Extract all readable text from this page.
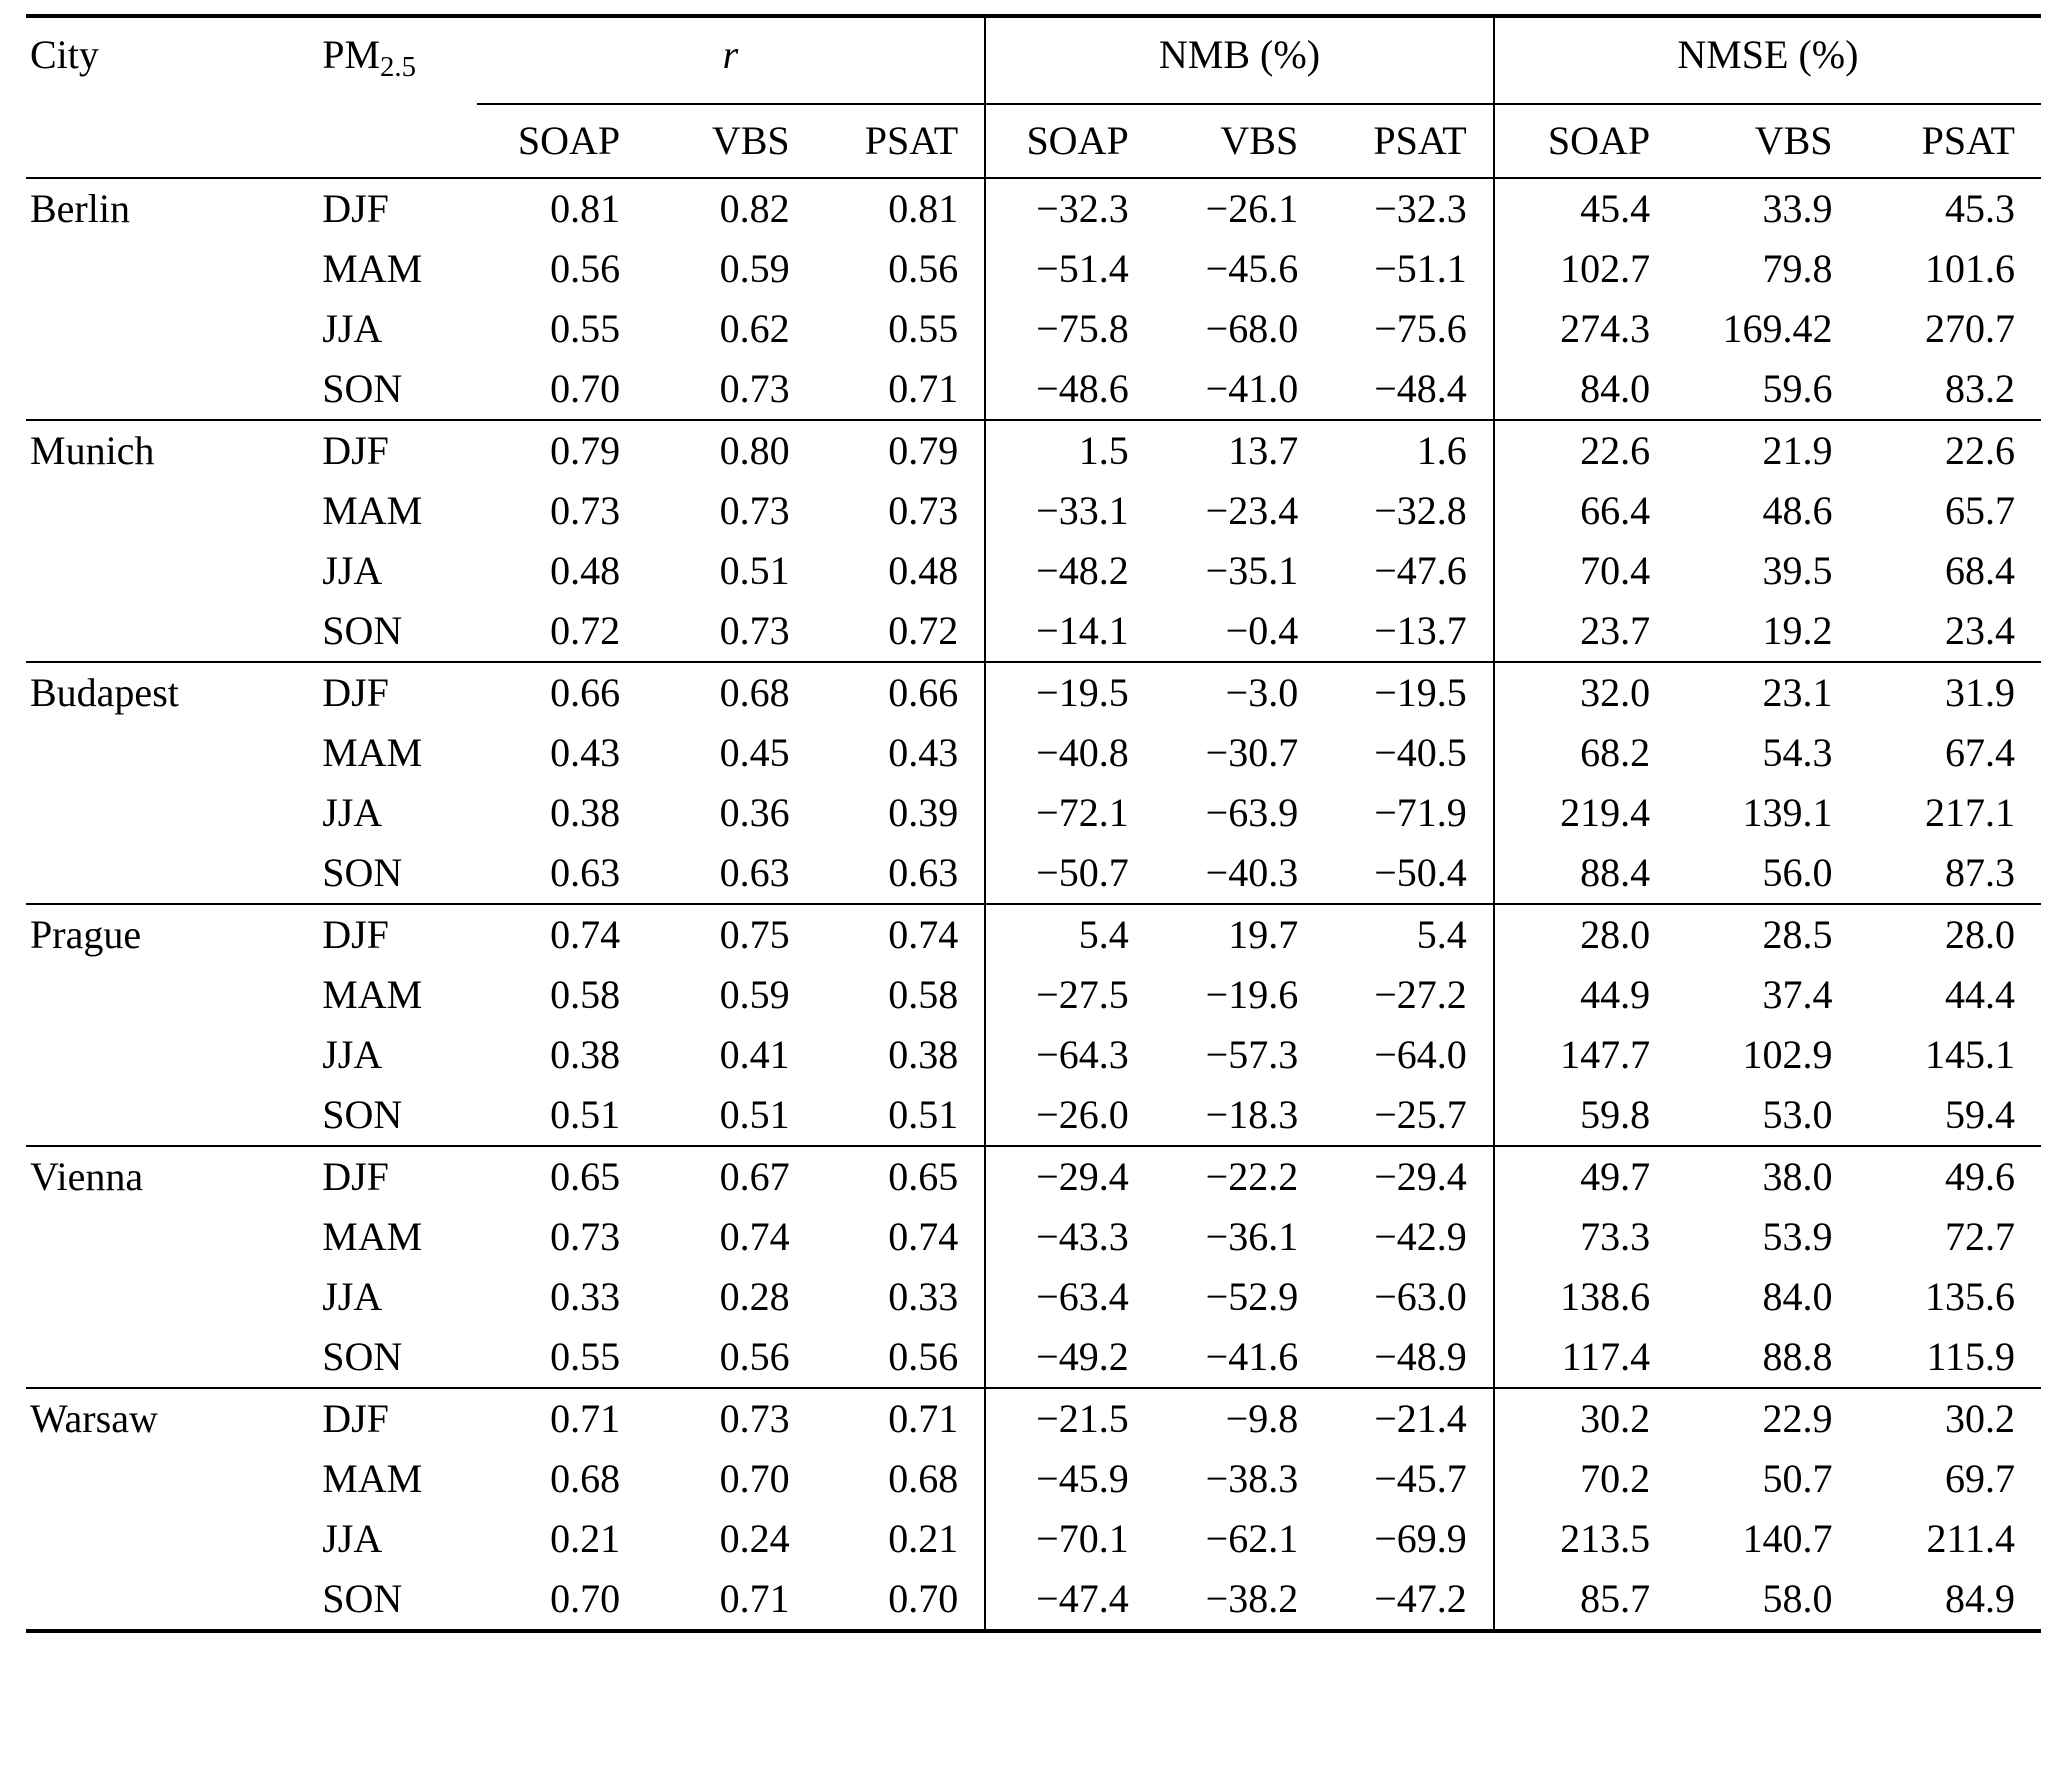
City	$PM_{2.5}$	r			NMB (%)			NMSE (%)		
		SOAP	VBS	PSAT	SOAP	VBS	PSAT	SOAP	VBS	PSAT
Berlin	DJF	0.81	0.82	0.81	−32.3	−26.1	−32.3	45.4	33.9	45.3
	MAM	0.56	0.59	0.56	−51.4	−45.6	−51.1	102.7	79.8	101.6
	JJA	0.55	0.62	0.55	−75.8	−68.0	−75.6	274.3	169.42	270.7
	SON	0.70	0.73	0.71	−48.6	−41.0	−48.4	84.0	59.6	83.2
Munich	DJF	0.79	0.80	0.79	1.5	13.7	1.6	22.6	21.9	22.6
	MAM	0.73	0.73	0.73	−33.1	−23.4	−32.8	66.4	48.6	65.7
	JJA	0.48	0.51	0.48	−48.2	−35.1	−47.6	70.4	39.5	68.4
	SON	0.72	0.73	0.72	−14.1	−0.4	−13.7	23.7	19.2	23.4
Budapest	DJF	0.66	0.68	0.66	−19.5	−3.0	−19.5	32.0	23.1	31.9
	MAM	0.43	0.45	0.43	−40.8	−30.7	−40.5	68.2	54.3	67.4
	JJA	0.38	0.36	0.39	−72.1	−63.9	−71.9	219.4	139.1	217.1
	SON	0.63	0.63	0.63	−50.7	−40.3	−50.4	88.4	56.0	87.3
Prague	DJF	0.74	0.75	0.74	5.4	19.7	5.4	28.0	28.5	28.0
	MAM	0.58	0.59	0.58	−27.5	−19.6	−27.2	44.9	37.4	44.4
	JJA	0.38	0.41	0.38	−64.3	−57.3	−64.0	147.7	102.9	145.1
	SON	0.51	0.51	0.51	−26.0	−18.3	−25.7	59.8	53.0	59.4
Vienna	DJF	0.65	0.67	0.65	−29.4	−22.2	−29.4	49.7	38.0	49.6
	MAM	0.73	0.74	0.74	−43.3	−36.1	−42.9	73.3	53.9	72.7
	JJA	0.33	0.28	0.33	−63.4	−52.9	−63.0	138.6	84.0	135.6
	SON	0.55	0.56	0.56	−49.2	−41.6	−48.9	117.4	88.8	115.9
Warsaw	DJF	0.71	0.73	0.71	−21.5	−9.8	−21.4	30.2	22.9	30.2
	MAM	0.68	0.70	0.68	−45.9	−38.3	−45.7	70.2	50.7	69.7
	JJA	0.21	0.24	0.21	−70.1	−62.1	−69.9	213.5	140.7	211.4
	SON	0.70	0.71	0.70	−47.4	−38.2	−47.2	85.7	58.0	84.9
